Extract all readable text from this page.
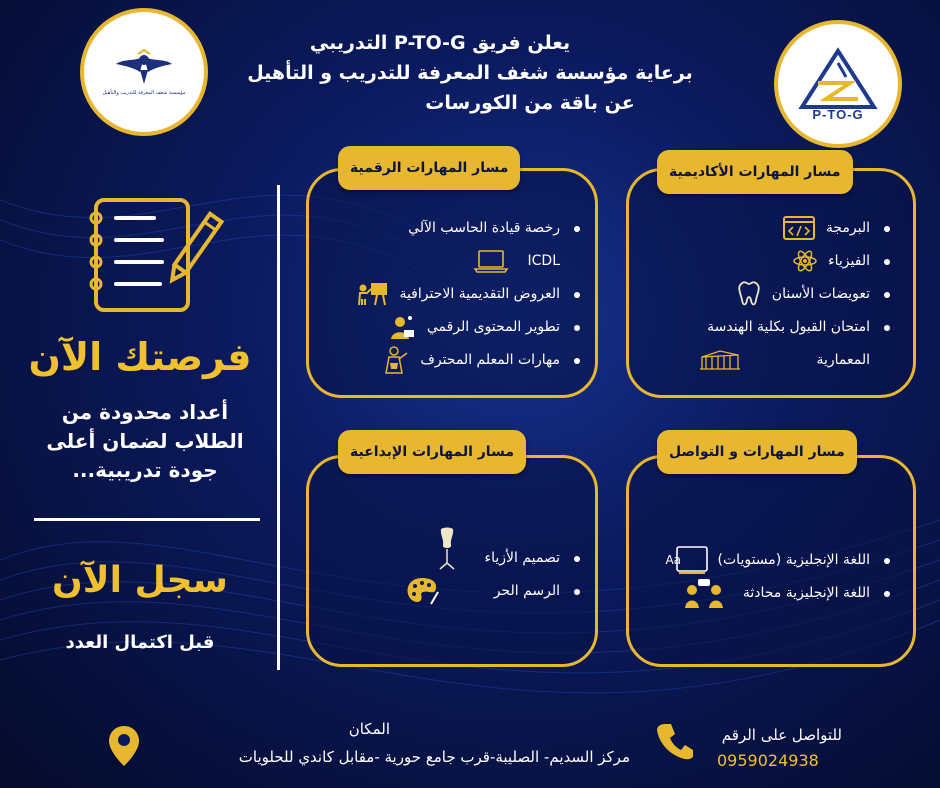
مؤسسة شغف المعرفة للتدريب والتأهيل
P-TO-G
يعلن فريق P-TO-G التدريبي
برعاية مؤسسة شغف المعرفة للتدريب و التأهيل
عن باقة من الكورسات
مسار المهارات الأكاديمية
البرمجة
الفيزياء
تعويضات الأسنان
امتحان القبول بكلية الهندسة
المعمارية
مسار المهارات الرقمية
رخصة قيادة الحاسب الآلي
ICDL
العروض التقديمية الاحترافية
تطوير المحتوى الرقمي
مهارات المعلم المحترف
مسار المهارات و التواصل
اللغة الإنجليزية (مستويات)
Aa
اللغة الإنجليزية محادثة
مسار المهارات الإبداعية
تصميم الأزياء
الرسم الحر
فرصتك الآن
أعداد محدودة من الطلاب لضمان أعلى جودة تدريبية...
سجل الآن
قبل اكتمال العدد
للتواصل على الرقم
0959024938
المكان
مركز السديم- الصليبة-قرب جامع حورية -مقابل كاندي للحلويات
